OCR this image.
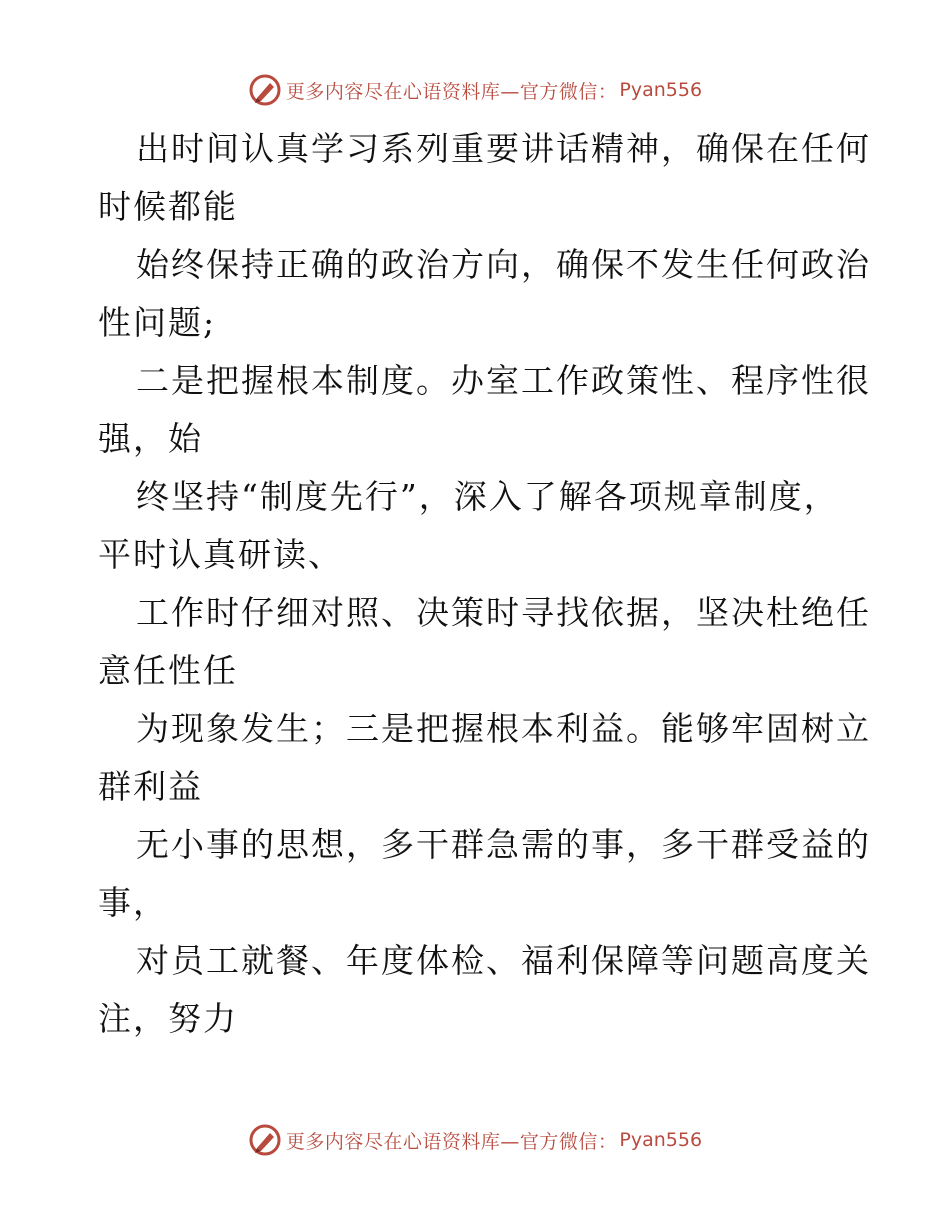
更多内容尽在心语资料库—官方微信： Pyan556

出时间认真学习系列重要讲话精神，确保在任何

时候都能

始终保持正确的政治方向，确保不发生任何政治

性问题;

二是把握根本制度。办室工作政策性、程序性很

强，始

终坚持“制度先行”，深入了解各项规章制度，

平时认真研读、

工作时仔细对照、决策时寻找依据，坚决杜绝任

意任性任

为现象发生；三是把握根本利益。能够牢固树立

群利益

无小事的思想，多干群急需的事，多干群受益的

事，

对员工就餐、年度体检、福利保障等问题高度关

注，努力

更多内容尽在心语资料库—官方微信： Pyan556
